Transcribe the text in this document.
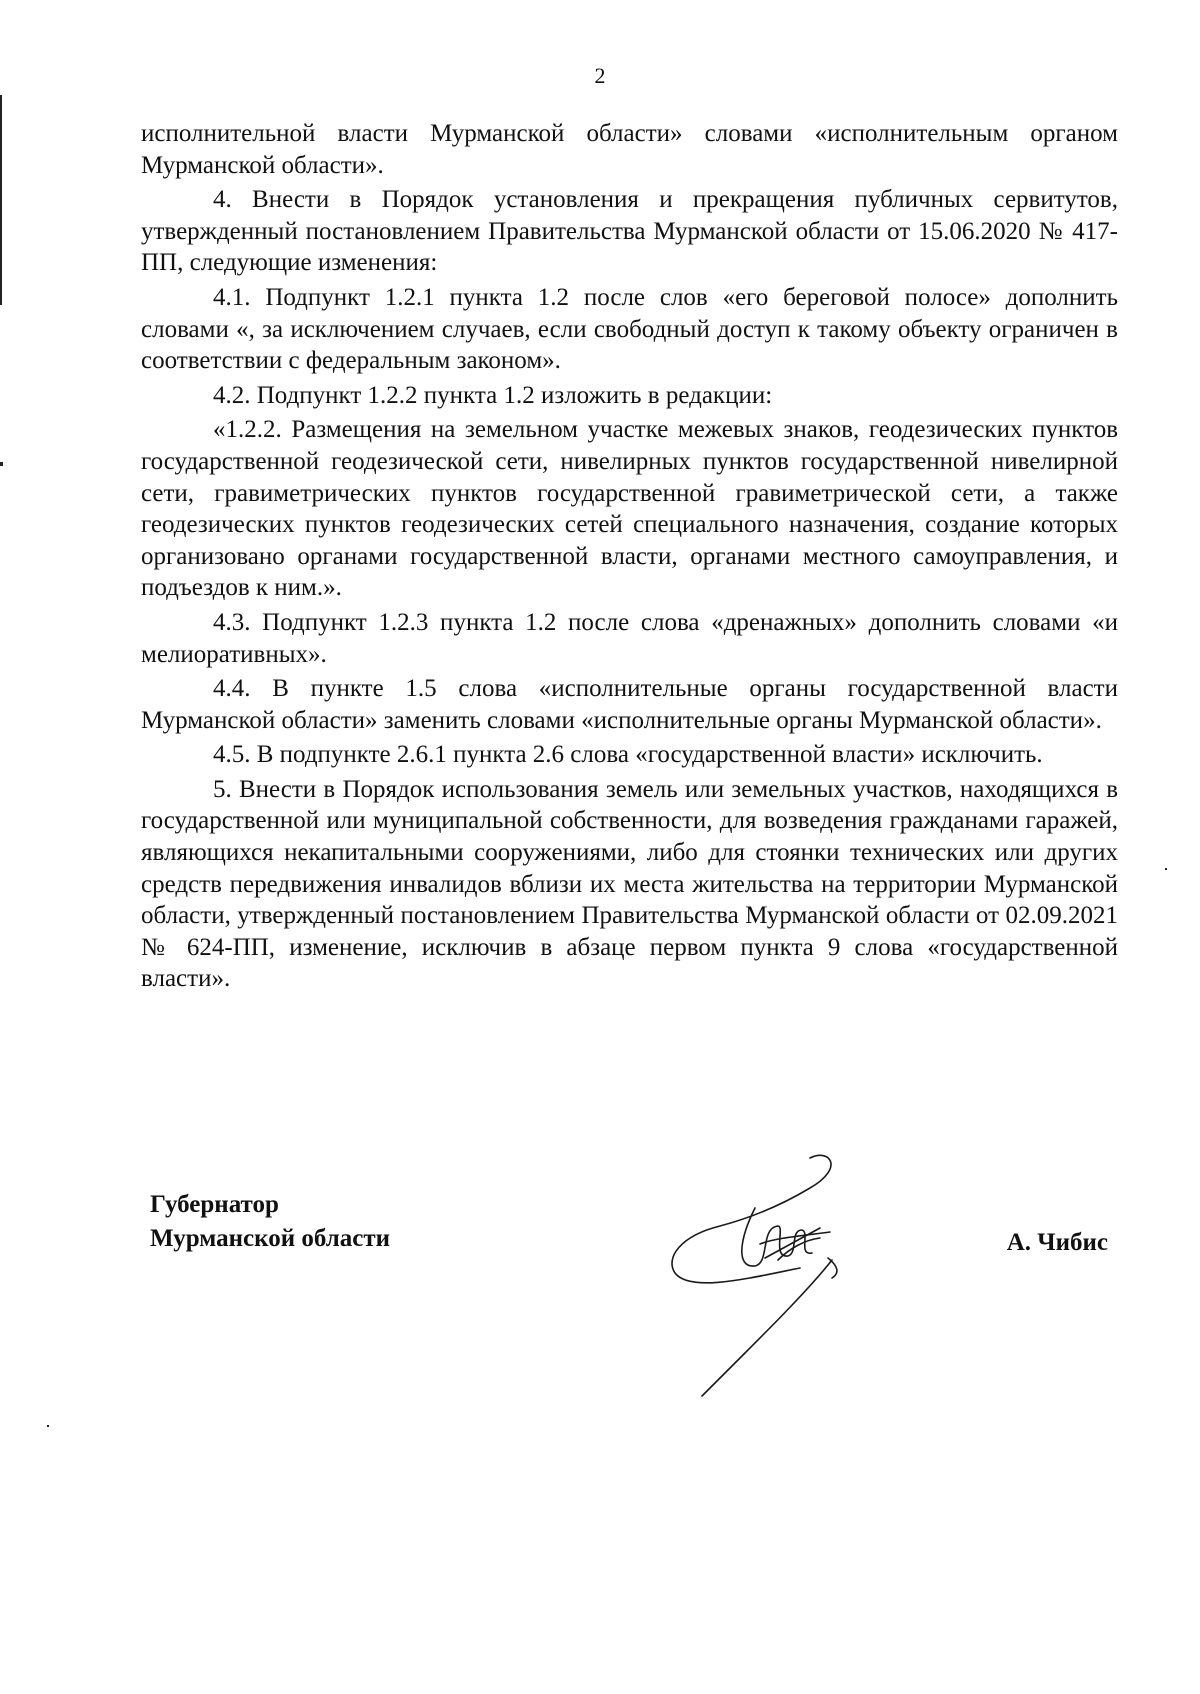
2

исполнительной власти Мурманской области» словами «исполнительным органом Мурманской области».

4. Внести в Порядок установления и прекращения публичных сервитутов, утвержденный постановлением Правительства Мурманской области от 15.06.2020 № 417-ПП, следующие изменения:

4.1. Подпункт 1.2.1 пункта 1.2 после слов «его береговой полосе» дополнить словами «, за исключением случаев, если свободный доступ к такому объекту ограничен в соответствии с федеральным законом».

4.2. Подпункт 1.2.2 пункта 1.2 изложить в редакции:

«1.2.2. Размещения на земельном участке межевых знаков, геодезических пунктов государственной геодезической сети, нивелирных пунктов государственной нивелирной сети, гравиметрических пунктов государственной гравиметрической сети, а также геодезических пунктов геодезических сетей специального назначения, создание которых организовано органами государственной власти, органами местного самоуправления, и подъездов к ним.».

4.3. Подпункт 1.2.3 пункта 1.2 после слова «дренажных» дополнить словами «и мелиоративных».

4.4. В пункте 1.5 слова «исполнительные органы государственной власти Мурманской области» заменить словами «исполнительные органы Мурманской области».

4.5. В подпункте 2.6.1 пункта 2.6 слова «государственной власти» исключить.

5. Внести в Порядок использования земель или земельных участков, находящихся в государственной или муниципальной собственности, для возведения гражданами гаражей, являющихся некапитальными сооружениями, либо для стоянки технических или других средств передвижения инвалидов вблизи их места жительства на территории Мурманской области, утвержденный постановлением Правительства Мурманской области от 02.09.2021 № 624-ПП, изменение, исключив в абзаце первом пункта 9 слова «государственной власти».

Губернатор
Мурманской области	А. Чибис
